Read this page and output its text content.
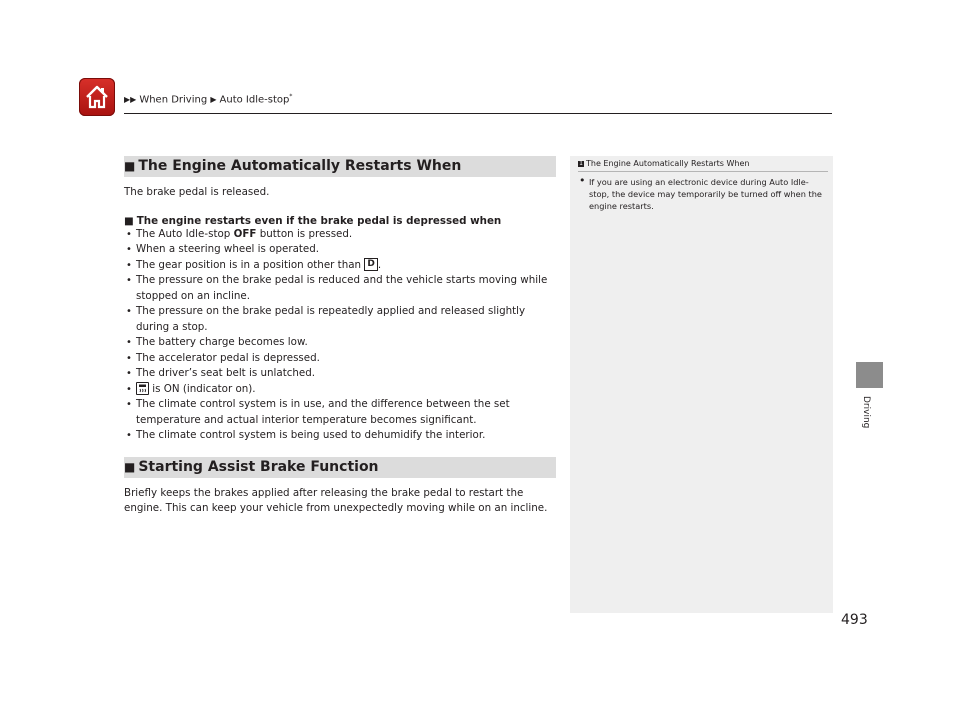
▶▶ When Driving ▶ Auto Idle-stop*
Driving
■ The Engine Automatically Restarts When

The brake pedal is released.

■ The engine restarts even if the brake pedal is depressed when

• The Auto Idle-stop OFF button is pressed.
• When a steering wheel is operated.
• The gear position is in a position other than D .
• The pressure on the brake pedal is reduced and the vehicle starts moving while stopped on an incline.
• The pressure on the brake pedal is repeatedly applied and released slightly during a stop.
• The battery charge becomes low.
• The accelerator pedal is depressed.
• The driver’s seat belt is unlatched.
• is ON (indicator on).
• The climate control system is in use, and the difference between the set temperature and actual interior temperature becomes significant.
• The climate control system is being used to dehumidify the interior.
■ Starting Assist Brake Function

Briefly keeps the brakes applied after releasing the brake pedal to restart the engine. This can keep your vehicle from unexpectedly moving while on an incline.

1 The Engine Automatically Restarts When
• If you are using an electronic device during Auto Idle-stop, the device may temporarily be turned off when the engine restarts.
493
